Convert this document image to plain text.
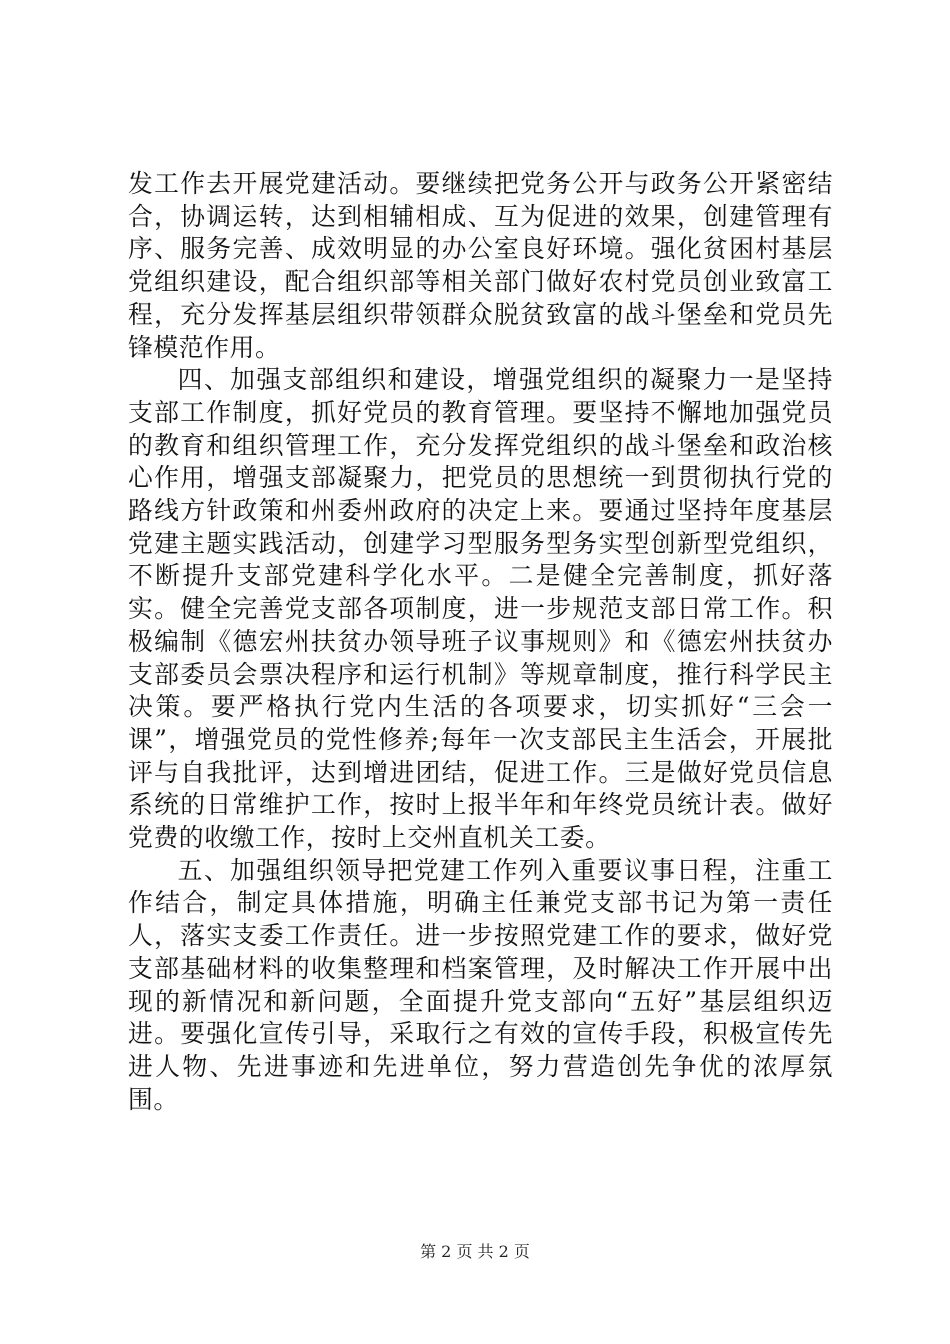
发工作去开展党建活动。要继续把党务公开与政务公开紧密结合，协调运转，达到相辅相成、互为促进的效果，创建管理有序、服务完善、成效明显的办公室良好环境。强化贫困村基层党组织建设，配合组织部等相关部门做好农村党员创业致富工程，充分发挥基层组织带领群众脱贫致富的战斗堡垒和党员先锋模范作用。

四、加强支部组织和建设，增强党组织的凝聚力一是坚持支部工作制度，抓好党员的教育管理。要坚持不懈地加强党员的教育和组织管理工作，充分发挥党组织的战斗堡垒和政治核心作用，增强支部凝聚力，把党员的思想统一到贯彻执行党的路线方针政策和州委州政府的决定上来。要通过坚持年度基层党建主题实践活动，创建学习型服务型务实型创新型党组织，不断提升支部党建科学化水平。二是健全完善制度，抓好落实。健全完善党支部各项制度，进一步规范支部日常工作。积极编制《德宏州扶贫办领导班子议事规则》和《德宏州扶贫办支部委员会票决程序和运行机制》等规章制度，推行科学民主决策。要严格执行党内生活的各项要求，切实抓好“三会一课”，增强党员的党性修养;每年一次支部民主生活会，开展批评与自我批评，达到增进团结，促进工作。三是做好党员信息系统的日常维护工作，按时上报半年和年终党员统计表。做好党费的收缴工作，按时上交州直机关工委。

五、加强组织领导把党建工作列入重要议事日程，注重工作结合，制定具体措施，明确主任兼党支部书记为第一责任人，落实支委工作责任。进一步按照党建工作的要求，做好党支部基础材料的收集整理和档案管理，及时解决工作开展中出现的新情况和新问题，全面提升党支部向“五好”基层组织迈进。要强化宣传引导，采取行之有效的宣传手段，积极宣传先进人物、先进事迹和先进单位，努力营造创先争优的浓厚氛围。

第 2 页 共 2 页
